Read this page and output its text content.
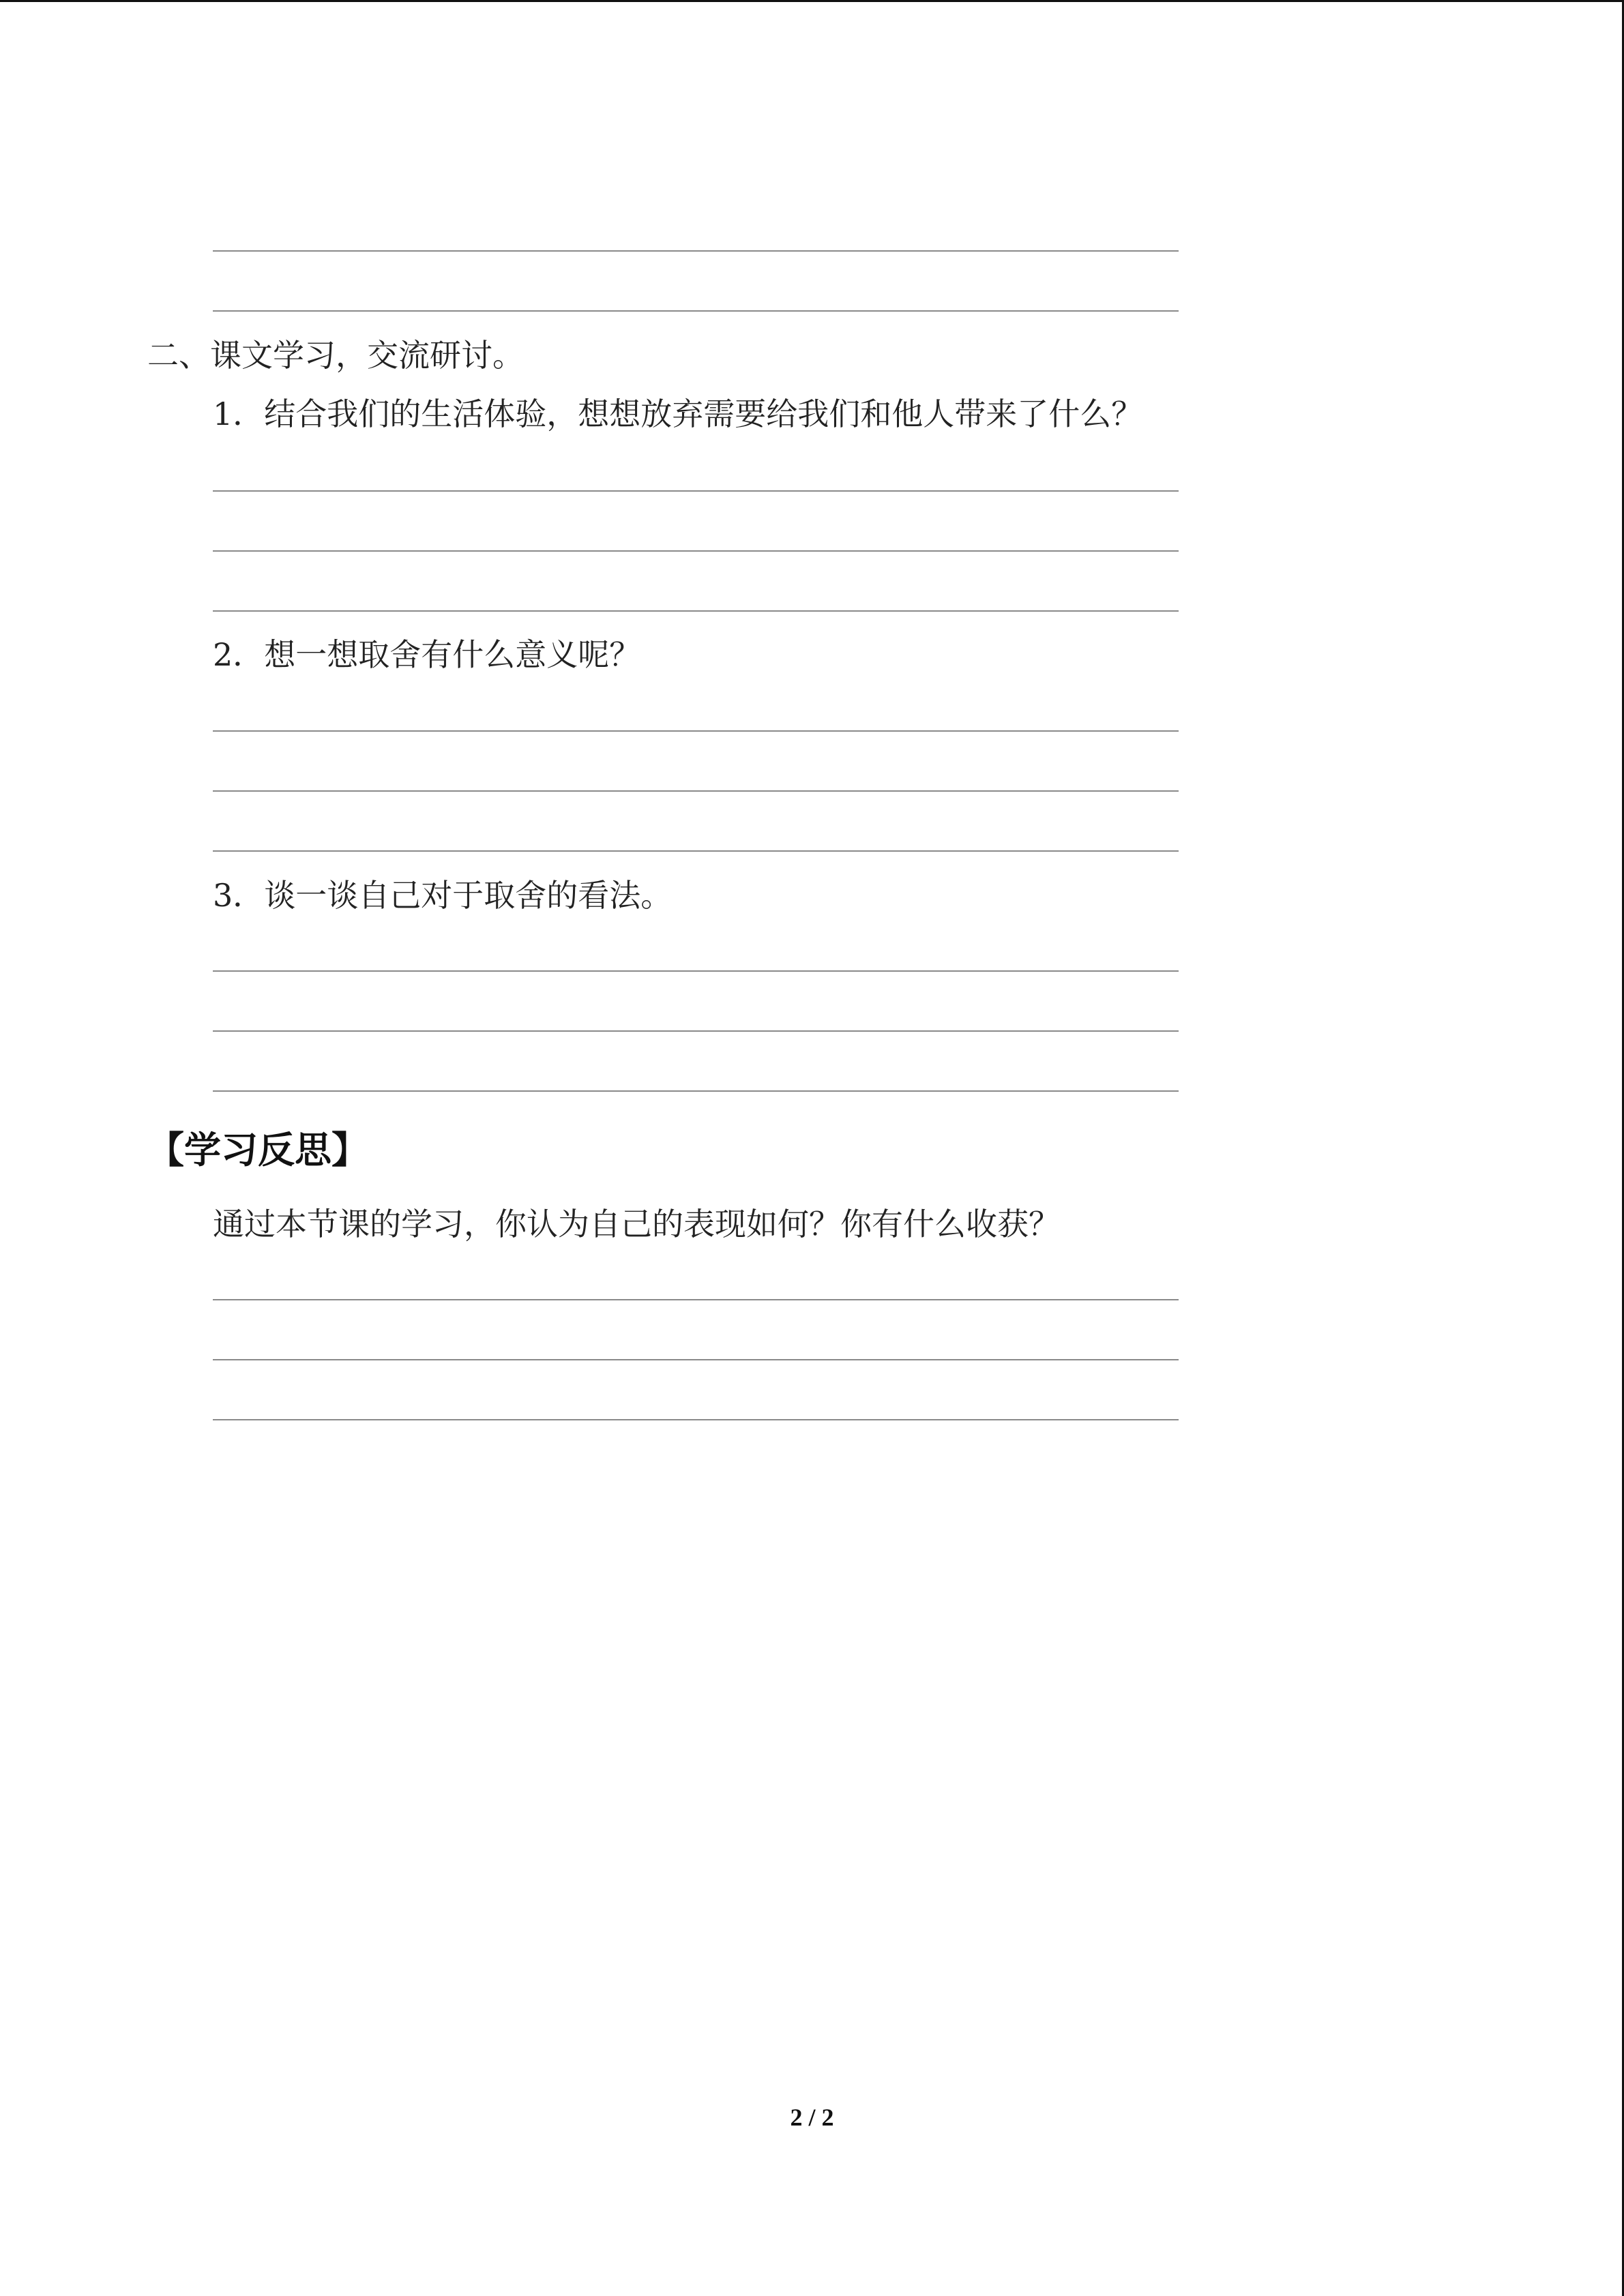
二、课文学习，交流研讨。
1．结合我们的生活体验，想想放弃需要给我们和他人带来了什么？
2．想一想取舍有什么意义呢？
3．谈一谈自己对于取舍的看法。
【学习反思】
通过本节课的学习，你认为自己的表现如何？你有什么收获？
2 / 2
